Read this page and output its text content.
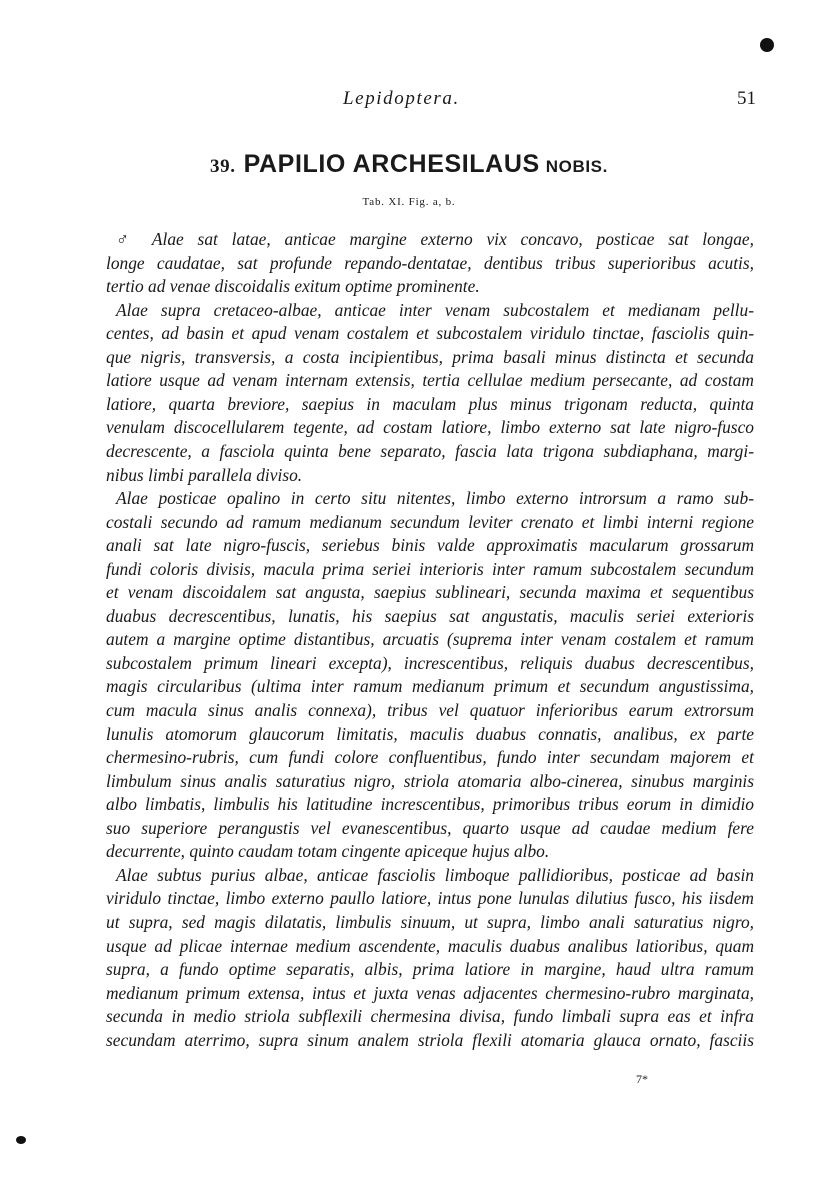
Lepidoptera.	51
39. PAPILIO ARCHESILAUS NOBIS.
Tab. XI. Fig. a, b.
♂ Alae sat latae, anticae margine externo vix concavo, posticae sat longae,
longe caudatae, sat profunde repando-dentatae, dentibus tribus superioribus acutis,
tertio ad venae discoidalis exitum optime prominente.
Alae supra cretaceo-albae, anticae inter venam subcostalem et medianam pellu-
centes, ad basin et apud venam costalem et subcostalem viridulo tinctae, fasciolis quin-
que nigris, transversis, a costa incipientibus, prima basali minus distincta et secunda
latiore usque ad venam internam extensis, tertia cellulae medium persecante, ad costam
latiore, quarta breviore, saepius in maculam plus minus trigonam reducta, quinta
venulam discocellularem tegente, ad costam latiore, limbo externo sat late nigro-fusco
decrescente, a fasciola quinta bene separato, fascia lata trigona subdiaphana, margi-
nibus limbi parallela diviso.
Alae posticae opalino in certo situ nitentes, limbo externo introrsum a ramo sub-
costali secundo ad ramum medianum secundum leviter crenato et limbi interni regione
anali sat late nigro-fuscis, seriebus binis valde approximatis macularum grossarum
fundi coloris divisis, macula prima seriei interioris inter ramum subcostalem secundum
et venam discoidalem sat angusta, saepius sublineari, secunda maxima et sequentibus
duabus decrescentibus, lunatis, his saepius sat angustatis, maculis seriei exterioris
autem a margine optime distantibus, arcuatis (suprema inter venam costalem et ramum
subcostalem primum lineari excepta), increscentibus, reliquis duabus decrescentibus,
magis circularibus (ultima inter ramum medianum primum et secundum angustissima,
cum macula sinus analis connexa), tribus vel quatuor inferioribus earum extrorsum
lunulis atomorum glaucorum limitatis, maculis duabus connatis, analibus, ex parte
chermesino-rubris, cum fundi colore confluentibus, fundo inter secundam majorem et
limbulum sinus analis saturatius nigro, striola atomaria albo-cinerea, sinubus marginis
albo limbatis, limbulis his latitudine increscentibus, primoribus tribus eorum in dimidio
suo superiore perangustis vel evanescentibus, quarto usque ad caudae medium fere
decurrente, quinto caudam totam cingente apiceque hujus albo.
Alae subtus purius albae, anticae fasciolis limboque pallidioribus, posticae ad basin
viridulo tinctae, limbo externo paullo latiore, intus pone lunulas dilutius fusco, his iisdem
ut supra, sed magis dilatatis, limbulis sinuum, ut supra, limbo anali saturatius nigro,
usque ad plicae internae medium ascendente, maculis duabus analibus latioribus, quam
supra, a fundo optime separatis, albis, prima latiore in margine, haud ultra ramum
medianum primum extensa, intus et juxta venas adjacentes chermesino-rubro marginata,
secunda in medio striola subflexili chermesina divisa, fundo limbali supra eas et infra
secundam aterrimo, supra sinum analem striola flexili atomaria glauca ornato, fasciis
7*
